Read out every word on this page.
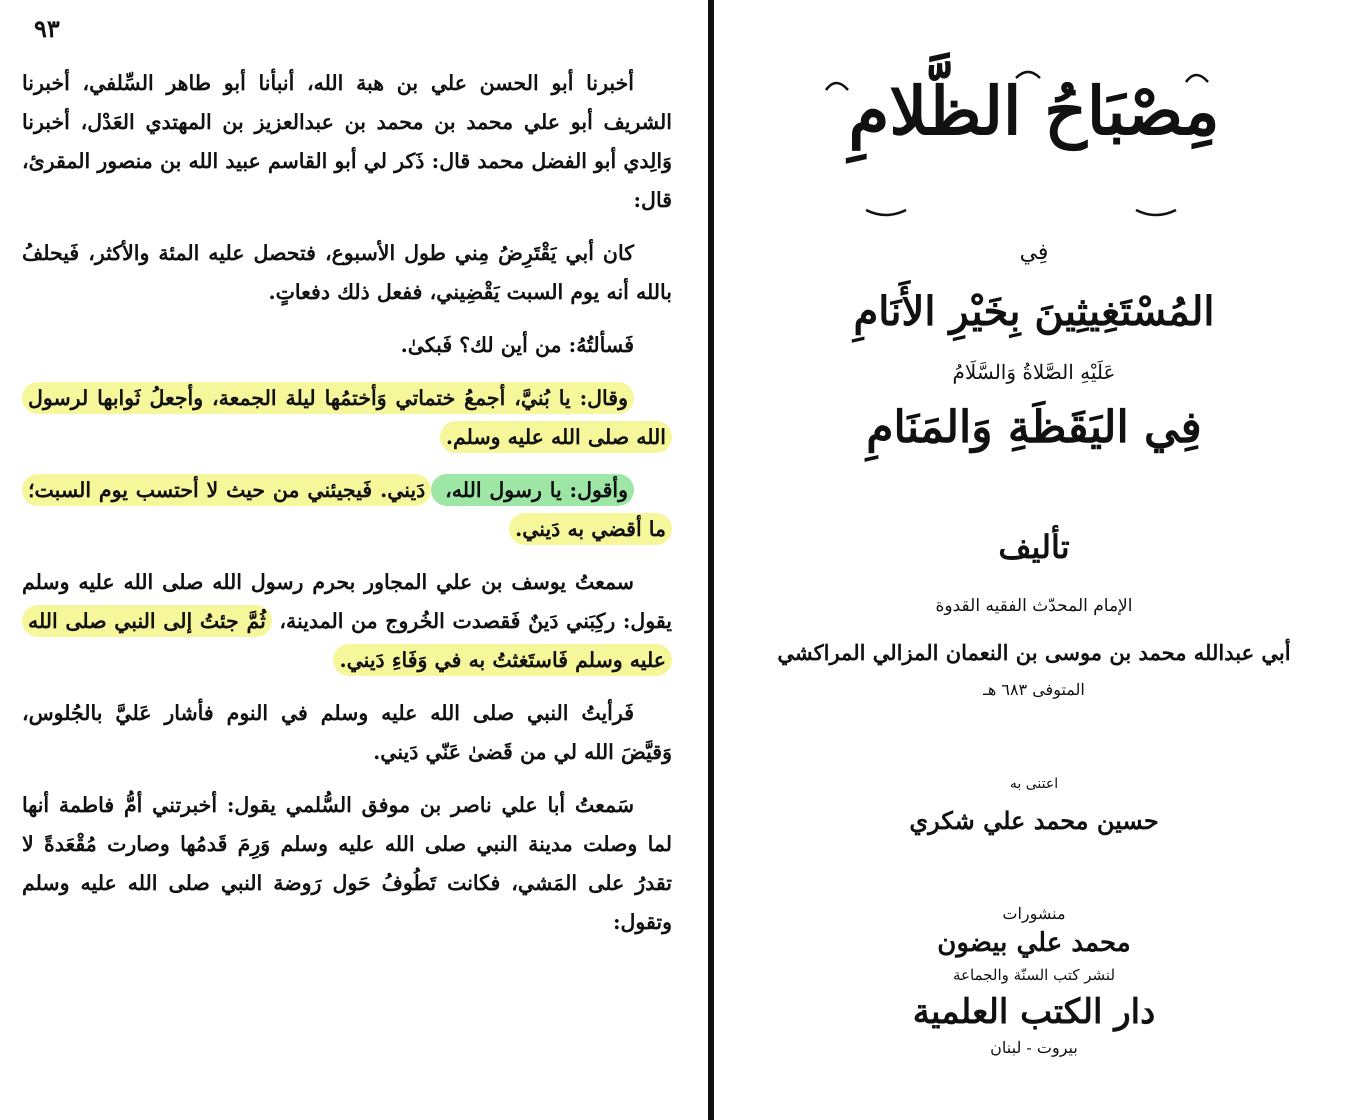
٩٣

أخبرنا أبو الحسن علي بن هبة الله، أنبأنا أبو طاهر السِّلفي، أخبرنا الشريف أبو علي محمد بن محمد بن عبدالعزيز بن المهتدي العَدْل، أخبرنا وَالِدي أبو الفضل محمد قال: ذَكر لي أبو القاسم عبيد الله بن منصور المقرئ، قال:

كان أبي يَقْتَرِضُ مِني طول الأسبوع، فتحصل عليه المئة والأكثر، فَيحلفُ بالله أنه يوم السبت يَقْضِيني، ففعل ذلك دفعاتٍ.

فَسألتُهُ: من أين لك؟ فَبكىٰ.

وقال: يا بُنيَّ، أجمعُ ختماتي وَأختمُها ليلة الجمعة، وأجعلُ ثَوابها لرسول الله صلى الله عليه وسلم.

وأقول: يا رسول الله، دَيني. فَيجيئني من حيث لا أحتسب يوم السبت؛ ما أقضي به دَيني.

سمعتُ يوسف بن علي المجاور بحرم رسول الله صلى الله عليه وسلم يقول: ركِبَني دَينٌ فَقصدت الخُروج من المدينة، ثُمَّ جئتُ إلى النبي صلى الله عليه وسلم فَاستَغثتُ به في وَفَاءِ دَيني.

فَرأيتُ النبي صلى الله عليه وسلم في النوم فأشار عَليَّ بالجُلوس، وَقيَّضَ الله لي من قَضىٰ عَنّي دَيني.

سَمعتُ أبا علي ناصر بن موفق السُّلمي يقول: أخبرتني أمُّ فاطمة أنها لما وصلت مدينة النبي صلى الله عليه وسلم وَرِمَ قَدمُها وصارت مُقْعَدةً لا تقدرُ على المَشي، فكانت تَطُوفُ حَول رَوضة النبي صلى الله عليه وسلم وتقول:

مِصْبَاحُ الظَّلامِ
فِي
المُسْتَغِيثِينَ بِخَيْرِ الأَنَامِ
عَلَيْهِ الصَّلاةُ وَالسَّلَامُ
فِي اليَقَظَةِ وَالمَنَامِ
تأليف
الإمام المحدّث الفقيه القدوة
أبي عبدالله محمد بن موسى بن النعمان المزالي المراكشي
المتوفى ٦٨٣ هـ
اعتنى به
حسين محمد علي شكري
منشورات
محمد علي بيضون
لنشر كتب السنّة والجماعة
دار الكتب العلمية
بيروت - لبنان
